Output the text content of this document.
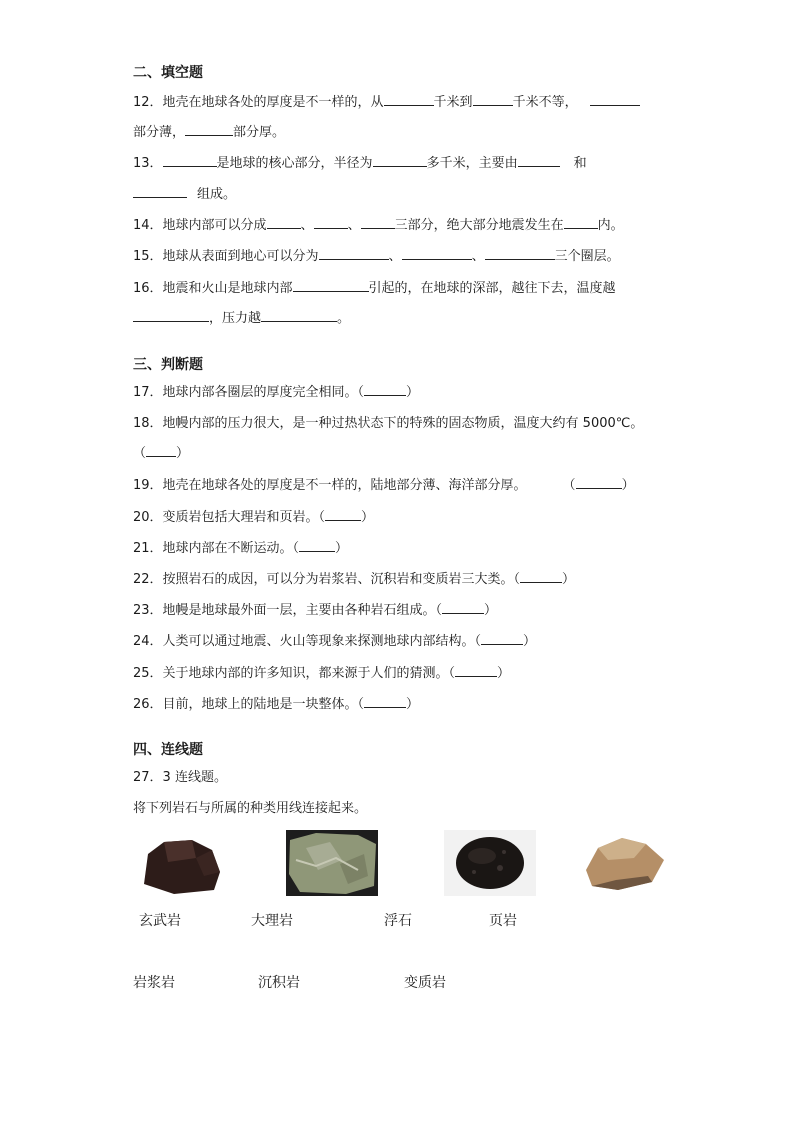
二、填空题
12．地壳在地球各处的厚度是不一样的，从	千米到	千米不等，
部分薄，	部分厚。
13．	是地球的核心部分，半径为	多千米，主要由	和
组成。
14．地球内部可以分成	、	、	三部分，绝大部分地震发生在	内。
15．地球从表面到地心可以分为	、	、	三个圈层。
16．地震和火山是地球内部	引起的，在地球的深部，越往下去，温度越
，压力越	。
三、判断题
17．地球内部各圈层的厚度完全相同。（	）
18．地幔内部的压力很大，是一种过热状态下的特殊的固态物质，温度大约有 5000℃。
（ ）
19．地壳在地球各处的厚度是不一样的，陆地部分薄、海洋部分厚。	（	）
20．变质岩包括大理岩和页岩。（	）
21．地球内部在不断运动。（	）
22．按照岩石的成因，可以分为岩浆岩、沉积岩和变质岩三大类。（	）
23．地幔是地球最外面一层，主要由各种岩石组成。（	）
24．人类可以通过地震、火山等现象来探测地球内部结构。（	）
25．关于地球内部的许多知识，都来源于人们的猜测。（	）
26．目前，地球上的陆地是一块整体。（	）
四、连线题
27．3 连线题。
将下列岩石与所属的种类用线连接起来。
玄武岩	大理岩	浮石	页岩
岩浆岩	沉积岩	变质岩
